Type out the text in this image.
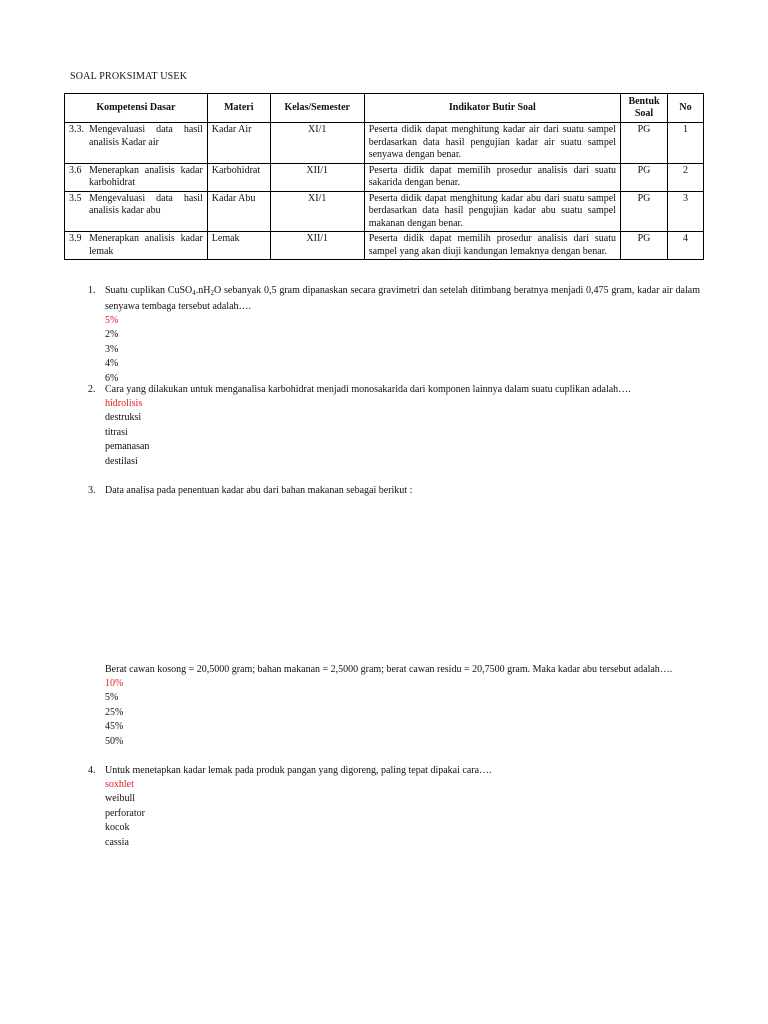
SOAL PROKSIMAT USEK
Kompetensi Dasar	Materi	Kelas/Semester	Indikator Butir Soal	Bentuk Soal	No

3.3. Mengevaluasi data hasil analisis Kadar air	Kadar Air	XI/1	Peserta didik dapat menghitung kadar air dari suatu sampel berdasarkan data hasil pengujian kadar air suatu sampel senyawa dengan benar.	PG	1

3.6 Menerapkan analisis kadar karbohidrat	Karbohidrat	XII/1	Peserta didik dapat memilih prosedur analisis dari suatu sakarida dengan benar.	PG	2

3.5 Mengevaluasi data hasil analisis kadar abu	Kadar Abu	XI/1	Peserta didik dapat menghitung kadar abu dari suatu sampel berdasarkan data hasil pengujian kadar abu suatu sampel makanan dengan benar.	PG	3

3.9 Menerapkan analisis kadar lemak	Lemak	XII/1	Peserta didik dapat memilih prosedur analisis dari suatu sampel yang akan diuji kandungan lemaknya dengan benar.	PG	4
1. Suatu cuplikan $CuSO_4.nH_2O$ sebanyak 0,5 gram dipanaskan secara gravimetri dan setelah ditimbang beratnya menjadi 0,475 gram, kadar air dalam senyawa tembaga tersebut adalah….
5%
2%
3%
4%
6%
2. Cara yang dilakukan untuk menganalisa karbohidrat menjadi monosakarida dari komponen lainnya dalam suatu cuplikan adalah….
hidrolisis
destruksi
titrasi
pemanasan
destilasi
3. Data analisa pada penentuan kadar abu dari bahan makanan sebagai berikut :
Berat cawan kosong = 20,5000 gram; bahan makanan = 2,5000 gram; berat cawan residu = 20,7500 gram. Maka kadar abu tersebut adalah….
10%
5%
25%
45%
50%
4. Untuk menetapkan kadar lemak pada produk pangan yang digoreng, paling tepat dipakai cara….
soxhlet
weibull
perforator
kocok
cassia
